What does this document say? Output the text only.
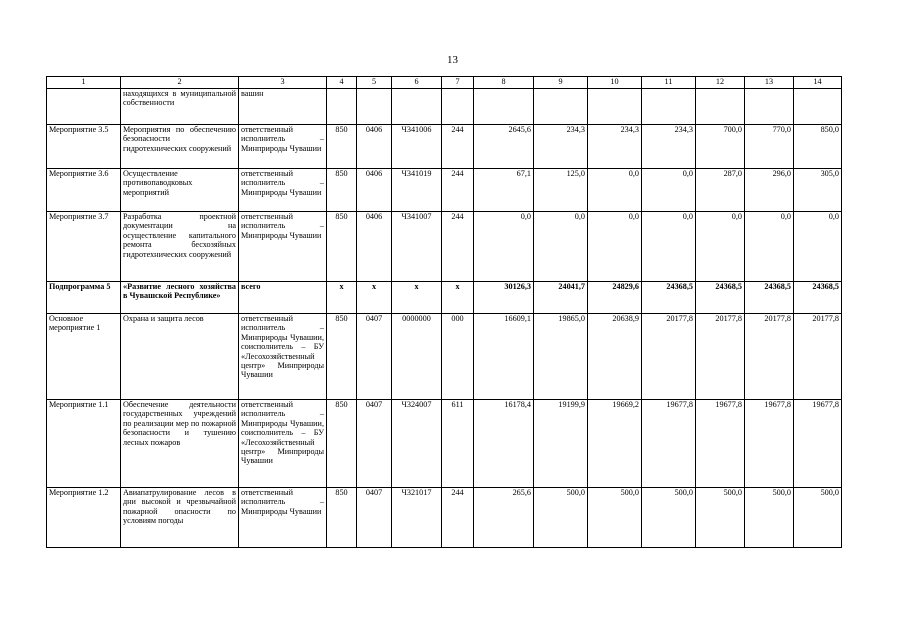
13
1	2	3	4	5	6	7	8	9	10	11	12	13	14
	находящихся в муниципальной собственности	вашин											
Мероприятие 3.5	Мероприятия по обеспечению безопасности гидротехнических сооружений	ответственный исполнитель – Минприроды Чувашии	850	0406	Ч341006	244	2645,6	234,3	234,3	234,3	700,0	770,0	850,0
Мероприятие 3.6	Осуществление противопаводковых мероприятий	ответственный исполнитель – Минприроды Чувашии	850	0406	Ч341019	244	67,1	125,0	0,0	0,0	287,0	296,0	305,0
Мероприятие 3.7	Разработка проектной документации на осуществление капитального ремонта бесхозяйных гидротехнических сооружений	ответственный исполнитель – Минприроды Чувашии	850	0406	Ч341007	244	0,0	0,0	0,0	0,0	0,0	0,0	0,0
Подпрограмма 5	«Развитие лесного хозяйства в Чувашской Республике»	всего	х	х	х	х	30126,3	24041,7	24829,6	24368,5	24368,5	24368,5	24368,5
Основное мероприятие 1	Охрана и защита лесов	ответственный исполнитель – Минприроды Чувашии, соисполнитель – БУ «Лесохозяйственный центр» Минприроды Чувашии	850	0407	0000000	000	16609,1	19865,0	20638,9	20177,8	20177,8	20177,8	20177,8
Мероприятие 1.1	Обеспечение деятельности государственных учреждений по реализации мер по пожарной безопасности и тушению лесных пожаров	ответственный исполнитель – Минприроды Чувашии, соисполнитель – БУ «Лесохозяйственный центр» Минприроды Чувашии	850	0407	Ч324007	611	16178,4	19199,9	19669,2	19677,8	19677,8	19677,8	19677,8
Мероприятие 1.2	Авиапатрулирование лесов в дни высокой и чрезвычайной пожарной опасности по условиям погоды	ответственный исполнитель – Минприроды Чувашии	850	0407	Ч321017	244	265,6	500,0	500,0	500,0	500,0	500,0	500,0
